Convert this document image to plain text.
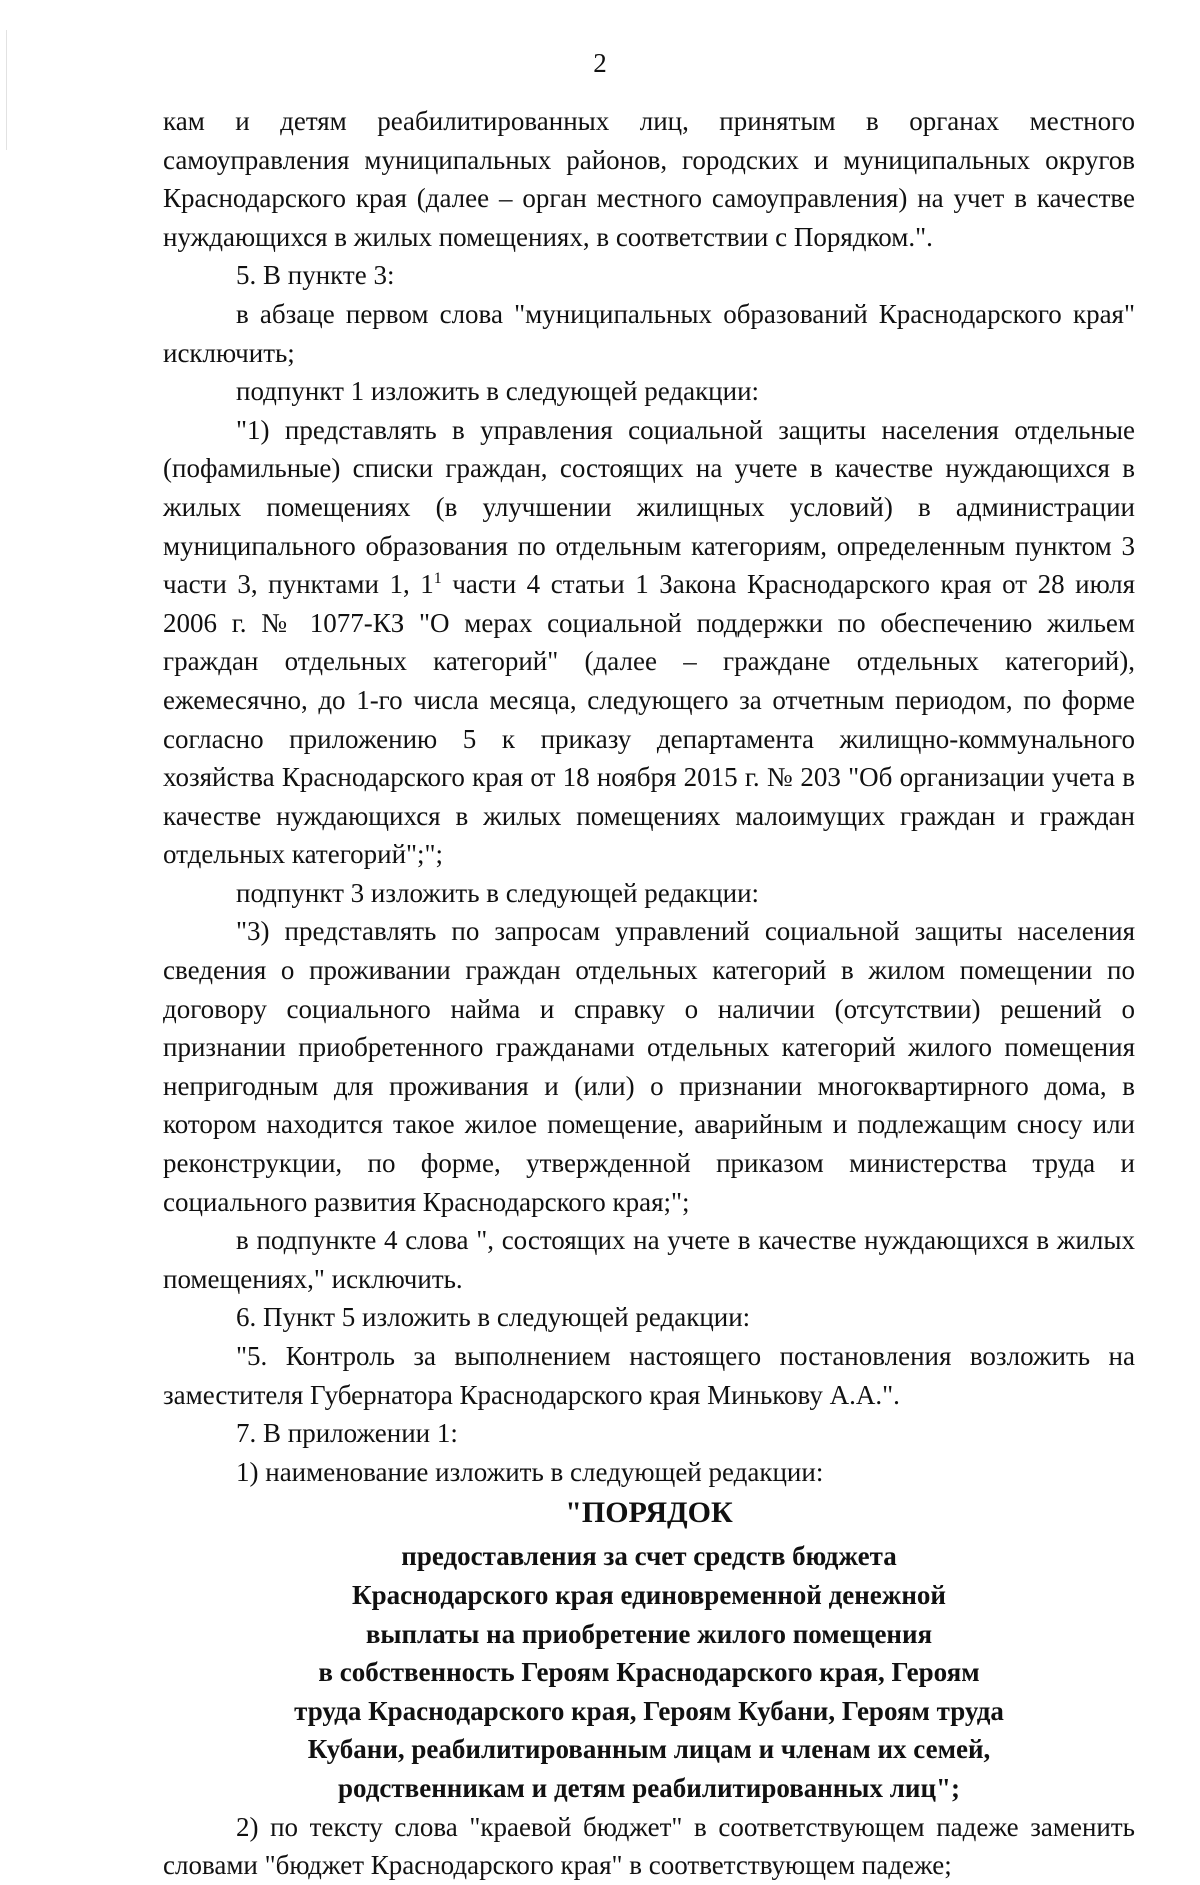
2

кам и детям реабилитированных лиц, принятым в органах местного самоуправления муниципальных районов, городских и муниципальных округов Краснодарского края (далее – орган местного самоуправления) на учет в качестве нуждающихся в жилых помещениях, в соответствии с Порядком.".

5. В пункте 3:

в абзаце первом слова "муниципальных образований Краснодарского края" исключить;

подпункт 1 изложить в следующей редакции:

"1) представлять в управления социальной защиты населения отдельные (пофамильные) списки граждан, состоящих на учете в качестве нуждающихся в жилых помещениях (в улучшении жилищных условий) в администрации муниципального образования по отдельным категориям, определенным пунктом 3 части 3, пунктами 1, $1^1$ части 4 статьи 1 Закона Краснодарского края от 28 июля 2006 г. № 1077-КЗ "О мерах социальной поддержки по обеспечению жильем граждан отдельных категорий" (далее – граждане отдельных категорий), ежемесячно, до 1-го числа месяца, следующего за отчетным периодом, по форме согласно приложению 5 к приказу департамента жилищно-коммунального хозяйства Краснодарского края от 18 ноября 2015 г. № 203 "Об организации учета в качестве нуждающихся в жилых помещениях малоимущих граждан и граждан отдельных категорий";";

подпункт 3 изложить в следующей редакции:

"3) представлять по запросам управлений социальной защиты населения сведения о проживании граждан отдельных категорий в жилом помещении по договору социального найма и справку о наличии (отсутствии) решений о признании приобретенного гражданами отдельных категорий жилого помещения непригодным для проживания и (или) о признании многоквартирного дома, в котором находится такое жилое помещение, аварийным и подлежащим сносу или реконструкции, по форме, утвержденной приказом министерства труда и социального развития Краснодарского края;";

в подпункте 4 слова ", состоящих на учете в качестве нуждающихся в жилых помещениях," исключить.

6. Пункт 5 изложить в следующей редакции:

"5. Контроль за выполнением настоящего постановления возложить на заместителя Губернатора Краснодарского края Минькову А.А.".

7. В приложении 1:

1) наименование изложить в следующей редакции:

"ПОРЯДОК

предоставления за счет средств бюджета

Краснодарского края единовременной денежной

выплаты на приобретение жилого помещения

в собственность Героям Краснодарского края, Героям

труда Краснодарского края, Героям Кубани, Героям труда

Кубани, реабилитированным лицам и членам их семей,

родственникам и детям реабилитированных лиц";

2) по тексту слова "краевой бюджет" в соответствующем падеже заменить словами "бюджет Краснодарского края" в соответствующем падеже;
